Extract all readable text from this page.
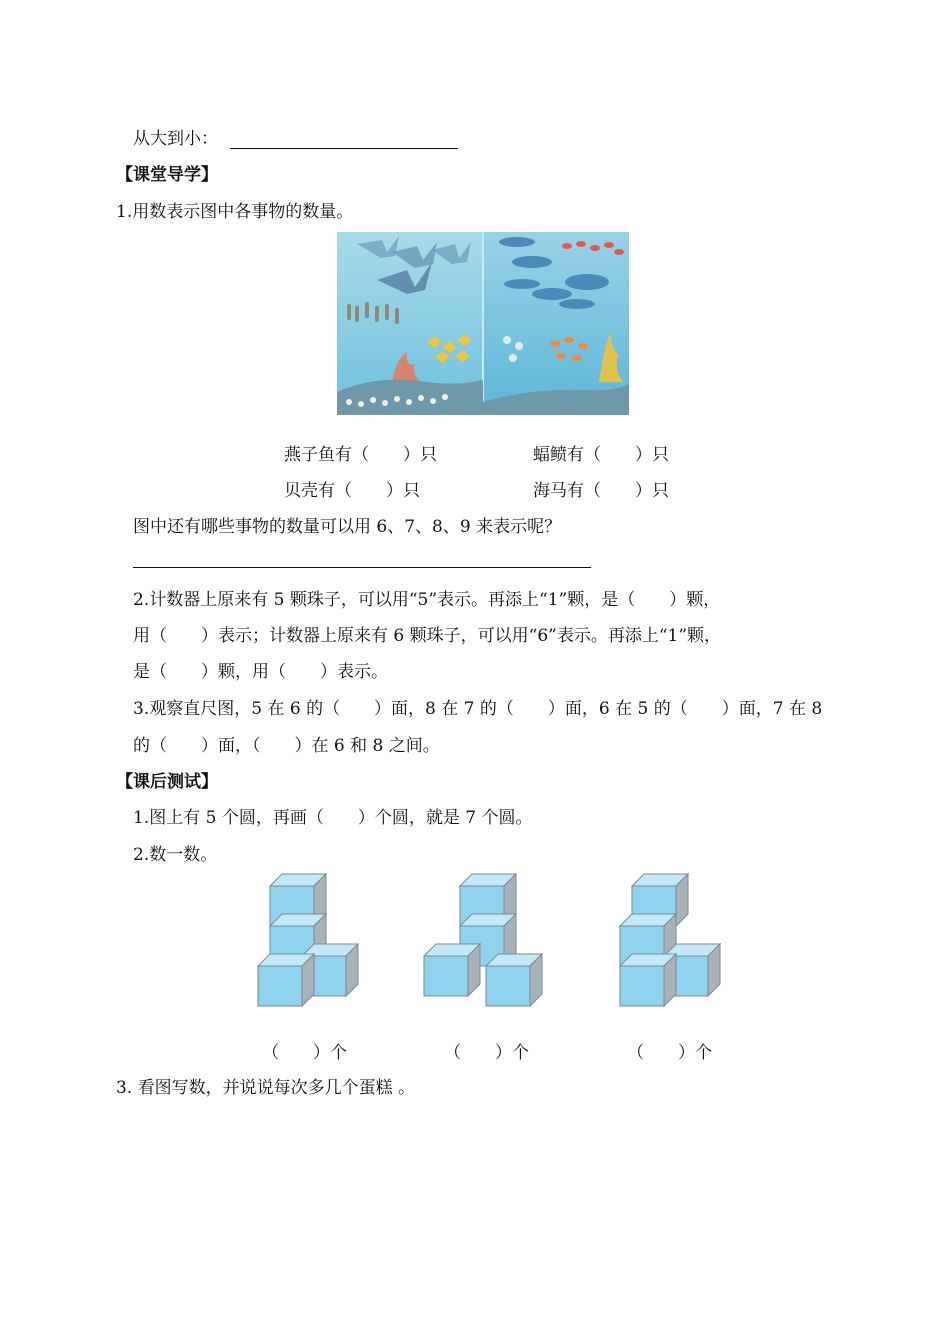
从大到小：
【课堂导学】
1.用数表示图中各事物的数量。
燕子鱼有（　　）只	蝠鲼有（　　）只
贝壳有（　　）只	海马有（　　）只
图中还有哪些事物的数量可以用 6、7、8、9 来表示呢？
2.计数器上原来有 5 颗珠子，可以用“5”表示。再添上“1”颗，是（　　）颗，
用（　　）表示；计数器上原来有 6 颗珠子，可以用“6”表示。再添上“1”颗，
是（　　）颗，用（　　）表示。
3.观察直尺图，5 在 6 的（　　）面，8 在 7 的（　　）面，6 在 5 的（　　）面，7 在 8
的（　　）面，（　　）在 6 和 8 之间。
【课后测试】
1.图上有 5 个圆，再画（　　）个圆，就是 7 个圆。
2.数一数。
（　　）个	（　　）个	（　　）个
3. 看图写数，并说说每次多几个蛋糕 。
